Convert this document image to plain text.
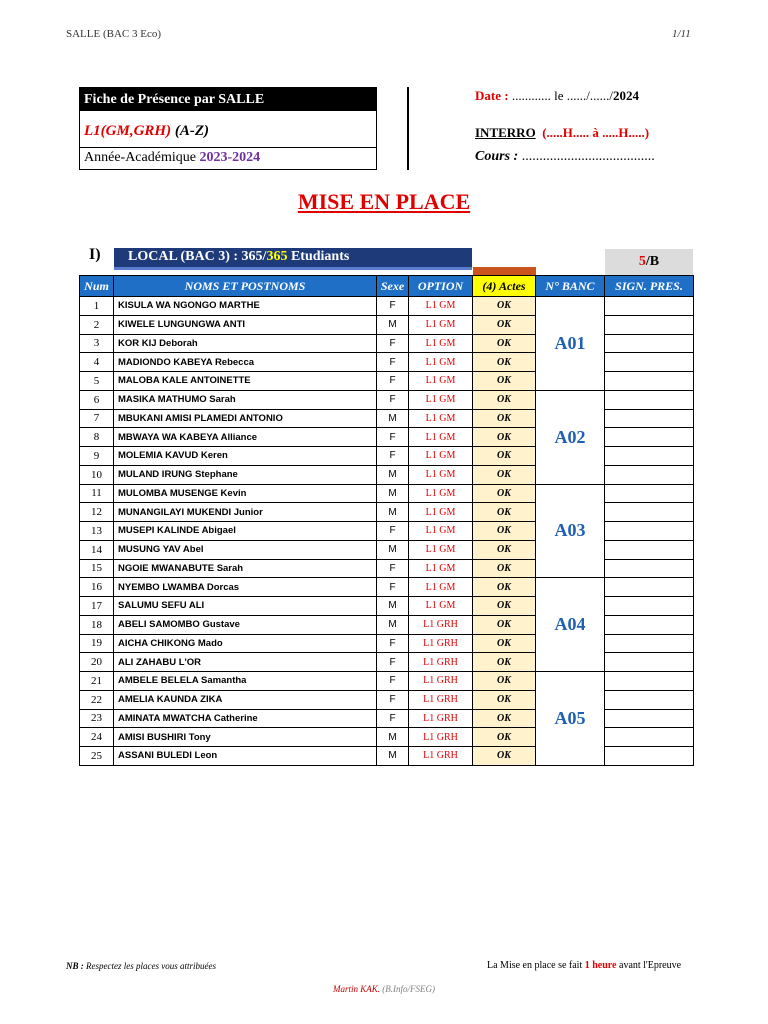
SALLE (BAC 3 Eco)	1/11
Fiche de Présence par SALLE
L1(GM,GRH) (A-Z)
Année-Académique 2023-2024
Date : ............ le ....../....../2024
INTERRO (.....H..... à .....H.....)
Cours : ......................................
MISE EN PLACE
I)	LOCAL (BAC 3) : 365/365 Etudiants	5/B
Num	NOMS ET POSTNOMS	Sexe	OPTION	(4) Actes	N° BANC	SIGN. PRES.
1	KISULA WA NGONGO MARTHE	F	L1 GM	OK	A01	
2	KIWELE LUNGUNGWA ANTI	M	L1 GM	OK		
3	KOR KIJ Deborah	F	L1 GM	OK		
4	MADIONDO KABEYA Rebecca	F	L1 GM	OK		
5	MALOBA KALE ANTOINETTE	F	L1 GM	OK		
6	MASIKA MATHUMO Sarah	F	L1 GM	OK	A02	
7	MBUKANI AMISI PLAMEDI ANTONIO	M	L1 GM	OK		
8	MBWAYA WA KABEYA Alliance	F	L1 GM	OK		
9	MOLEMIA KAVUD Keren	F	L1 GM	OK		
10	MULAND IRUNG Stephane	M	L1 GM	OK		
11	MULOMBA MUSENGE Kevin	M	L1 GM	OK	A03	
12	MUNANGILAYI MUKENDI Junior	M	L1 GM	OK		
13	MUSEPI KALINDE Abigael	F	L1 GM	OK		
14	MUSUNG YAV Abel	M	L1 GM	OK		
15	NGOIE MWANABUTE Sarah	F	L1 GM	OK		
16	NYEMBO LWAMBA Dorcas	F	L1 GM	OK	A04	
17	SALUMU SEFU ALI	M	L1 GM	OK		
18	ABELI SAMOMBO Gustave	M	L1 GRH	OK		
19	AICHA CHIKONG Mado	F	L1 GRH	OK		
20	ALI ZAHABU L'OR	F	L1 GRH	OK		
21	AMBELE BELELA Samantha	F	L1 GRH	OK	A05	
22	AMELIA KAUNDA ZIKA	F	L1 GRH	OK		
23	AMINATA MWATCHA Catherine	F	L1 GRH	OK		
24	AMISI BUSHIRI Tony	M	L1 GRH	OK		
25	ASSANI BULEDI Leon	M	L1 GRH	OK		
NB : Respectez les places vous attribuées	La Mise en place se fait 1 heure avant l'Epreuve
Martin KAK. (B.Info/FSEG)
